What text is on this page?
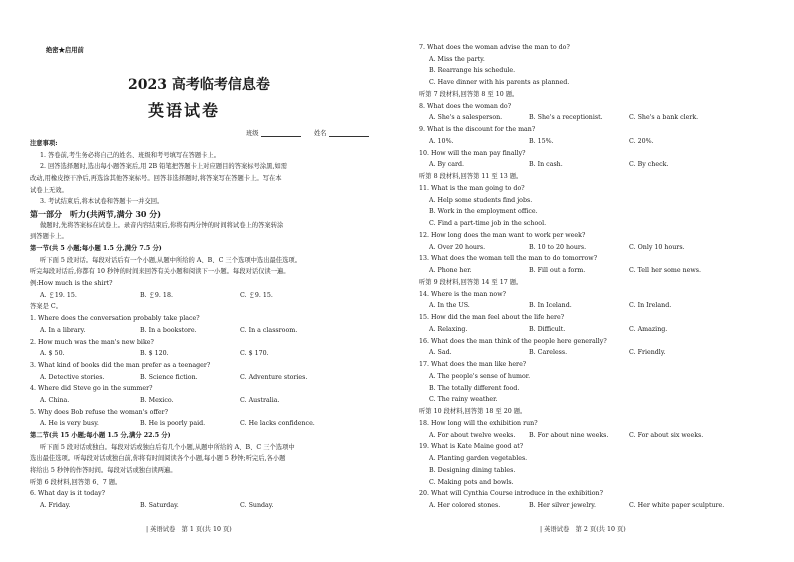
绝密★启用前
2023 高考临考信息卷
英语试卷
班级	姓名
注意事项:
1. 答卷前,考生务必将自己的姓名、班级和考号填写在答题卡上。
2. 回答选择题时,选出每小题答案后,用 2B 铅笔把答题卡上对应题目的答案标号涂黑,如需
改动,用橡皮擦干净后,再选涂其他答案标号。回答非选择题时,将答案写在答题卡上。写在本
试卷上无效。
3. 考试结束后,将本试卷和答题卡一并交回。
第一部分　听力(共两节,满分 30 分)
做题时,先将答案标在试卷上。录音内容结束后,你将有两分钟的时间将试卷上的答案转涂
到答题卡上。
第一节(共 5 小题;每小题 1.5 分,满分 7.5 分)
听下面 5 段对话。每段对话后有一个小题,从题中所给的 A、B、C 三个选项中选出最佳选项。
听完每段对话后,你都有 10 秒钟的时间来回答有关小题和阅读下一小题。每段对话仅读一遍。
例:How much is the shirt?
A. ￡19. 15.	B. ￡9. 18.	C. ￡9. 15.
答案是 C。
1. Where does the conversation probably take place?
A. In a library.	B. In a bookstore.	C. In a classroom.
2. How much was the man's new bike?
A. $ 50.	B. $ 120.	C. $ 170.
3. What kind of books did the man prefer as a teenager?
A. Detective stories.	B. Science fiction.	C. Adventure stories.
4. Where did Steve go in the summer?
A. China.	B. Mexico.	C. Australia.
5. Why does Bob refuse the woman's offer?
A. He is very busy.	B. He is poorly paid.	C. He lacks confidence.
第二节(共 15 小题;每小题 1.5 分,满分 22.5 分)
听下面 5 段对话或独白。每段对话或独白后有几个小题,从题中所给的 A、B、C 三个选项中
选出最佳选项。听每段对话或独白前,你将有时间阅读各个小题,每小题 5 秒钟;听完后,各小题
将给出 5 秒钟的作答时间。每段对话或独白读两遍。
听第 6 段材料,回答第 6、7 题。
6. What day is it today?
A. Friday.	B. Saturday.	C. Sunday.
| 英语试卷　第 1 页(共 10 页)
7. What does the woman advise the man to do?
A. Miss the party.
B. Rearrange his schedule.
C. Have dinner with his parents as planned.
听第 7 段材料,回答第 8 至 10 题。
8. What does the woman do?
A. She's a salesperson.	B. She's a receptionist.	C. She's a bank clerk.
9. What is the discount for the man?
A. 10%.	B. 15%.	C. 20%.
10. How will the man pay finally?
A. By card.	B. In cash.	C. By check.
听第 8 段材料,回答第 11 至 13 题。
11. What is the man going to do?
A. Help some students find jobs.
B. Work in the employment office.
C. Find a part-time job in the school.
12. How long does the man want to work per week?
A. Over 20 hours.	B. 10 to 20 hours.	C. Only 10 hours.
13. What does the woman tell the man to do tomorrow?
A. Phone her.	B. Fill out a form.	C. Tell her some news.
听第 9 段材料,回答第 14 至 17 题。
14. Where is the man now?
A. In the US.	B. In Iceland.	C. In Ireland.
15. How did the man feel about the life here?
A. Relaxing.	B. Difficult.	C. Amazing.
16. What does the man think of the people here generally?
A. Sad.	B. Careless.	C. Friendly.
17. What does the man like here?
A. The people's sense of humor.
B. The totally different food.
C. The rainy weather.
听第 10 段材料,回答第 18 至 20 题。
18. How long will the exhibition run?
A. For about twelve weeks. B. For about nine weeks.	C. For about six weeks.
19. What is Kate Maine good at?
A. Planting garden vegetables.
B. Designing dining tables.
C. Making pots and bowls.
20. What will Cynthia Course introduce in the exhibition?
A. Her colored stones.	B. Her silver jewelry.	C. Her white paper sculpture.
| 英语试卷　第 2 页(共 10 页)
